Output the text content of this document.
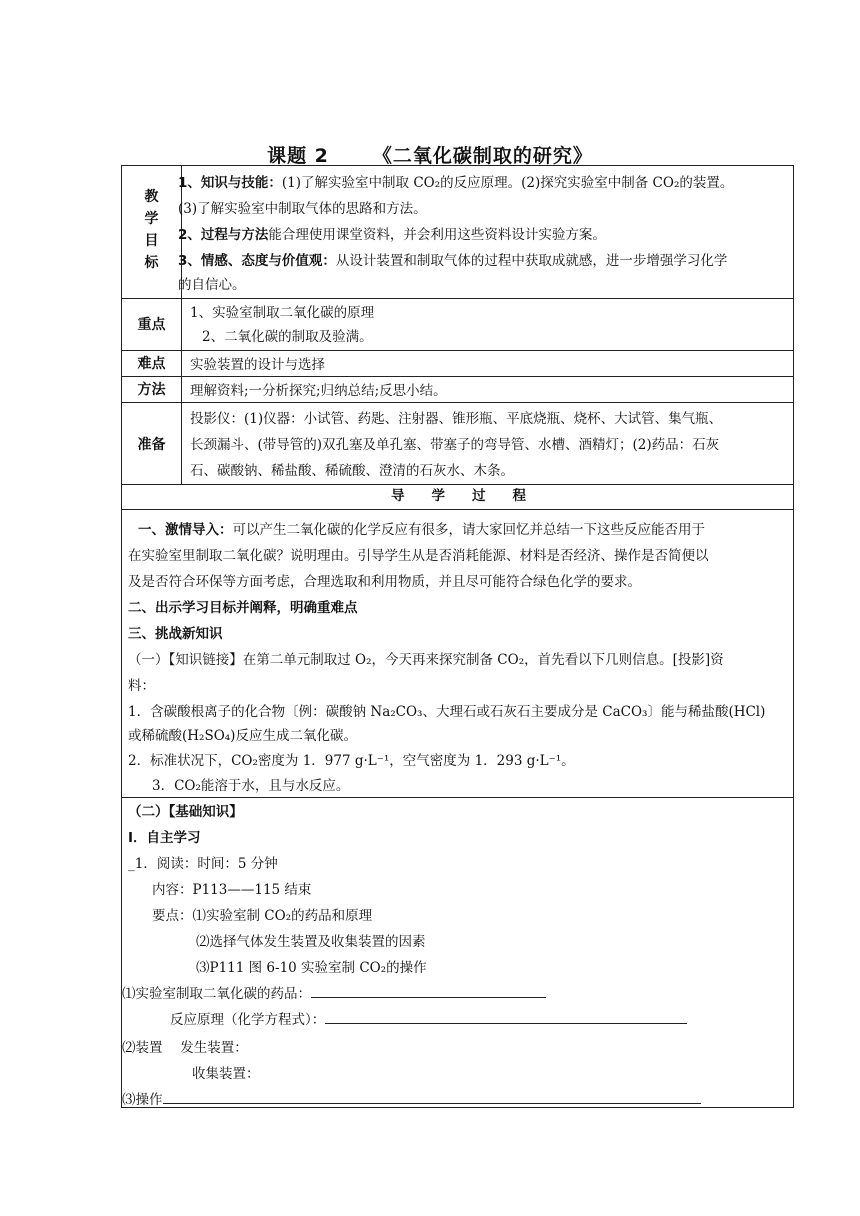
课题 2 《二氧化碳制取的研究》
教
学
目
标
1、知识与技能：(1)了解实验室中制取 CO₂的反应原理。(2)探究实验室中制备 CO₂的装置。
(3)了解实验室中制取气体的思路和方法。
2、过程与方法能合理使用课堂资料，并会利用这些资料设计实验方案。
3、情感、态度与价值观：从设计装置和制取气体的过程中获取成就感，进一步增强学习化学
的自信心。
重点
1、实验室制取二氧化碳的原理
2、二氧化碳的制取及验满。
难点	实验装置的设计与选择
方法	理解资料;一分析探究;归纳总结;反思小结。
准备
投影仪：(1)仪器：小试管、药匙、注射器、锥形瓶、平底烧瓶、烧杯、大试管、集气瓶、
长颈漏斗、(带导管的)双孔塞及单孔塞、带塞子的弯导管、水槽、酒精灯；(2)药品：石灰
石、碳酸钠、稀盐酸、稀硫酸、澄清的石灰水、木条。
导　　学　　过　　程
一、激情导入：可以产生二氧化碳的化学反应有很多，请大家回忆并总结一下这些反应能否用于
在实验室里制取二氧化碳？说明理由。引导学生从是否消耗能源、材料是否经济、操作是否简便以
及是否符合环保等方面考虑，合理选取和利用物质，并且尽可能符合绿色化学的要求。
二、出示学习目标并阐释，明确重难点
三、挑战新知识
（一）【知识链接】在第二单元制取过 O₂，今天再来探究制备 CO₂，首先看以下几则信息。[投影]资
料：
1．含碳酸根离子的化合物〔例：碳酸钠 Na₂CO₃、大理石或石灰石主要成分是 CaCO₃〕能与稀盐酸(HCl)
或稀硫酸(H₂SO₄)反应生成二氧化碳。
2．标准状况下，CO₂密度为 1．977 g·L⁻¹，空气密度为 1．293 g·L⁻¹。
3．CO₂能溶于水，且与水反应。
（二）【基础知识】
Ⅰ．自主学习
_1．阅读：时间：5 分钟
内容：P113——115 结束
要点：⑴实验室制 CO₂的药品和原理
⑵选择气体发生装置及收集装置的因素
⑶P111 图 6-10 实验室制 CO₂的操作
⑴实验室制取二氧化碳的药品：
反应原理（化学方程式）：
⑵装置　 发生装置：
收集装置：
⑶操作
